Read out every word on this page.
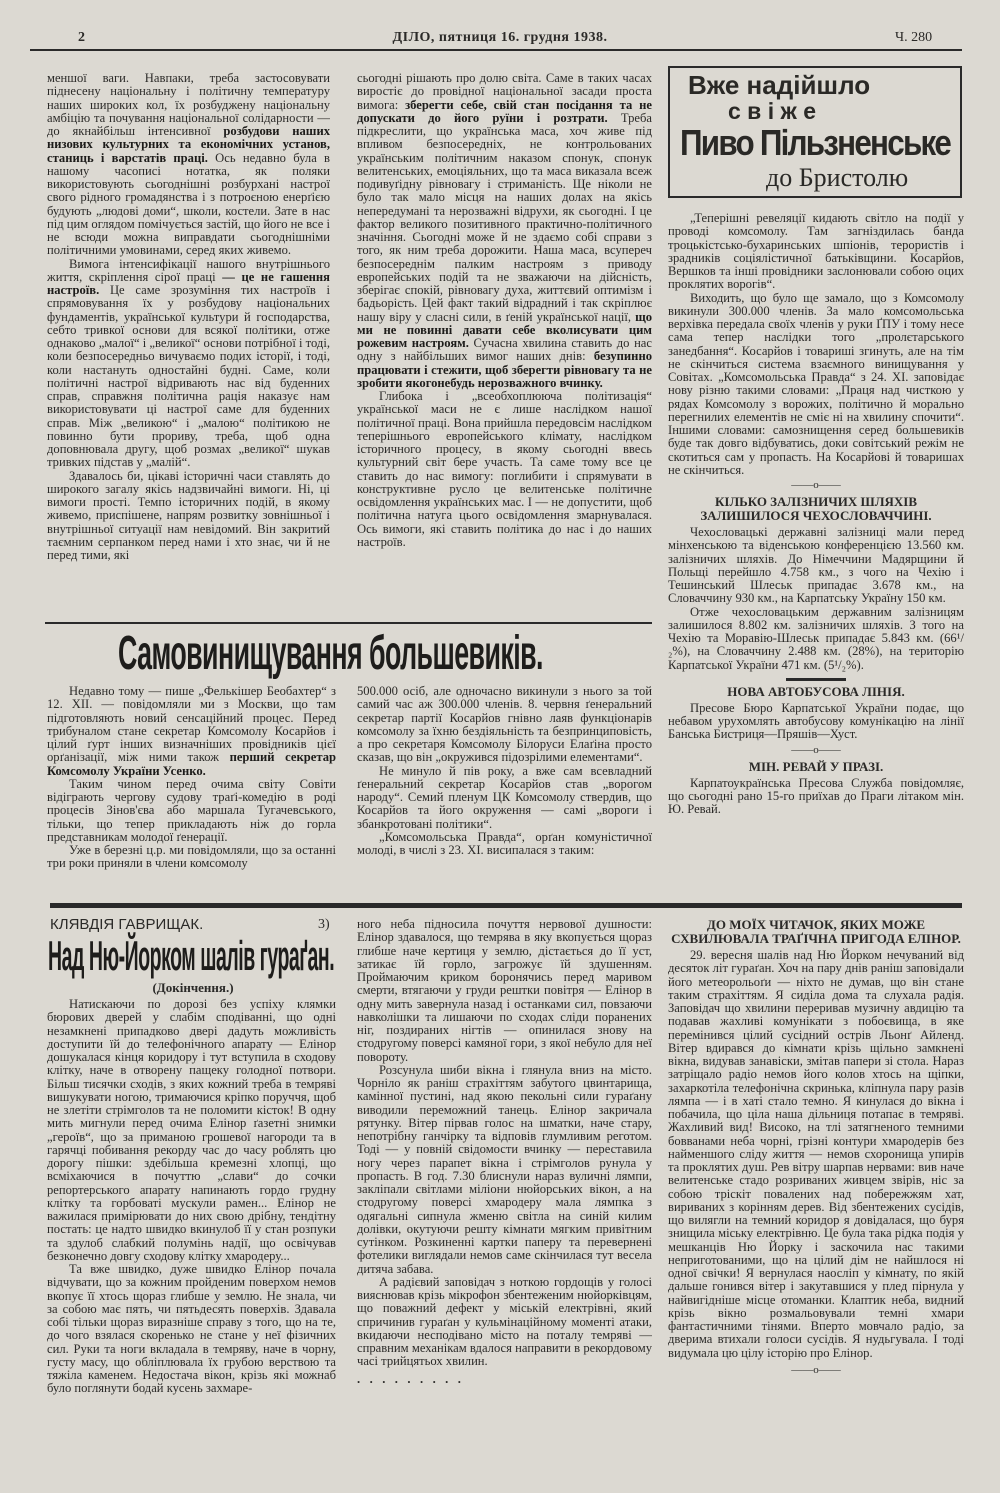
2	ДІЛО, пятниця 16. грудня 1938.	Ч. 280

меншої ваги. Навпаки, треба застосовувати піднесену національну і політичну температуру наших широких кол, їх розбуджену національну амбіцію та почування національної солідарности — до якнайбільш інтенсивної розбудови наших низових культурних та економічних установ, станиць і варстатів праці. Ось недавно була в нашому часописі нотатка, як поляки використовують сьогоднішні розбурхані настрої свого рідного громадянства і з потроєною енерґією будують „людові доми“, школи, костели. Зате в нас під цим оглядом помічується застій, що його не все і не всюди можна виправдати сьогоднішніми політичними умовинами, серед яких живемо.

Вимога інтенсифікації нашого внутрішнього життя, скріплення сірої праці — це не гашення настроїв. Це саме зрозуміння тих настроїв і спрямовування їх у розбудову національних фундаментів, української культури й господарства, себто тривкої основи для всякої політики, отже однаково „малої“ і „великої“ основи потрібної і тоді, коли безпосередньо вичуваємо подих історії, і тоді, коли настануть одностайні будні. Саме, коли політичні настрої відривають нас від буденних справ, справжня політична рація наказує нам використовувати ці настрої саме для буденних справ. Між „великою“ і „малою“ політикою не повинно бути прориву, треба, щоб одна доповнювала другу, щоб розмах „великої“ шукав тривких підстав у „малій“.

Здавалось би, цікаві історичні часи ставлять до широкого загалу якісь надзвичайні вимоги. Ні, ці вимоги прості. Темпо історичних подій, в якому живемо, приспішене, напрям розвитку зовнішньої і внутрішньої ситуації нам невідомий. Він закритий таємним серпанком перед нами і хто знає, чи й не перед тими, які

сьогодні рішають про долю світа. Саме в таких часах виростіє до провідної національної засади проста вимога: зберегти себе, свій стан посідання та не допускати до його руїни і розтрати. Треба підкреслити, що українська маса, хоч живе під впливом безпосередніх, не контрольованих українським політичним наказом спонук, спонук велитенських, емоціяльних, що та маса виказала всеж подивуґідну рівновагу і стриманість. Ще ніколи не було так мало місця на наших долах на якісь непередумані та нерозважні відрухи, як сьогодні. І це фактор великого позитивного практично-політичного значіння. Сьогодні може й не здаємо собі справи з того, як ним треба дорожити. Наша маса, всупереч безпосереднім палким настроям з приводу европейських подій та не зважаючи на дійсність, зберігає спокій, рівновагу духа, життєвий оптимізм і бадьорість. Цей факт такий відрадний і так скріплює нашу віру у сласні сили, в ґеній української нації, що ми не повинні давати себе вколисувати цим рожевим настроям. Сучасна хвилина ставить до нас одну з найбільших вимог наших днів: безупинно працювати і стежити, щоб зберегти рівновагу та не зробити якогонебудь нерозважного вчинку.

Глибока і „всеобхоплююча політизація“ української маси не є лише наслідком нашої політичної праці. Вона прийшла передовсім наслідком теперішнього европейського клімату, наслідком історичного процесу, в якому сьогодні ввесь культурний світ бере участь. Та саме тому все це ставить до нас вимогу: поглибити і спрямувати в конструктивне русло це велитенське політичне освідомлення українських мас. І — не допустити, щоб політична натуга цього освідомлення змарнувалася. Ось вимоги, які ставить політика до нас і до наших настроїв.

Вже надійшло
с в і ж е
Пиво Пільзненське
до Бристолю

„Теперішні ревеляції кидають світло на події у проводі комсомолу. Там загніздилась банда троцькістсько-бухаринських шпіонів, терористів і зрадників соціялістичної батьківщини. Косарйов, Вершков та інші провідники заслонювали собою оцих проклятих ворогів“.

Виходить, що було ще замало, що з Комсомолу викинули 300.000 членів. За мало комсомольська верхівка передала своїх членів у руки ҐПУ і тому несе сама тепер наслідки того „пролєтарського занедбання“. Косарйов і товариші згинуть, але на тім не скінчиться система взаємного винищування у Совітах. „Комсомольська Правда“ з 24. XI. заповідає нову різню такими словами: „Праця над чисткою у рядах Комсомолу з ворожих, політично й морально перегнилих елементів не сміє ні на хвилину спочити“. Іншими словами: самознищення серед большевиків буде так довго відбуватись, доки совітський режім не скотиться сам у пропасть. На Косарйові й товаришах не скінчиться.

——o——
КІЛЬКО ЗАЛІЗНИЧИХ ШЛЯХІВ ЗАЛИШИЛОСЯ ЧЕХОСЛОВАЧЧИНІ.

Чехословацькі державні залізниці мали перед мінхенською та віденською конференцією 13.560 км. залізничих шляхів. До Німеччини Мадярщини й Польщі перейшло 4.758 км., з чого на Чехію і Тешинський Шлеськ припадає 3.678 км., на Словаччину 930 км., на Карпатську Україну 150 км.

Отже чехословацьким державним залізницям залишилося 8.802 км. залізничих шляхів. З того на Чехію та Моравію-Шлеськ припадає 5.843 км. (66¹/₂%), на Словаччину 2.488 км. (28%), на територію Карпатської України 471 км. (5¹/₂%).

НОВА АВТОБУСОВА ЛІНІЯ.

Пресове Бюро Карпатської України подає, що небавом урухомлять автобусову комунікацію на лінії Банська Бистриця—Пряшів—Хуст.

——o——
МІН. РЕВАЙ У ПРАЗІ.

Карпатоукраїнська Пресова Служба повідомляє, що сьогодні рано 15-го приїхав до Праги літаком мін. Ю. Ревай.

Самовинищування большевиків.

Недавно тому — пише „Фелькішер Беобахтер“ з 12. XII. — повідомляли ми з Москви, що там підготовляють новий сенсаційний процес. Перед трибуналом стане секретар Комсомолу Косарйов і цілий ґурт інших визначніших провідників цієї орґанізації, між ними також перший секретар Комсомолу України Усенко.

Таким чином перед очима світу Совіти відіграють чергову судову траґі-комедію в роді процесів Зінов'єва або маршала Тугачевського, тільки, що тепер прикладають ніж до горла представникам молодої ґенерації.

Уже в березні ц.р. ми повідомляли, що за останні три роки приняли в члени комсомолу

500.000 осіб, але одночасно викинули з нього за той самий час аж 300.000 членів. 8. червня ґенеральний секретар партії Косарйов гнівно лаяв функціонарів комсомолу за їхню бездіяльність та безпринциповість, а про секретаря Комсомолу Білоруси Елаґіна просто сказав, що він „окружився підозрілими елементами“.

Не минуло й пів року, а вже сам всевладний ґенеральний секретар Косарйов став „ворогом народу“. Семий пленум ЦК Комсомолу ствердив, що Косарйов та його окруження — самі „вороги і збанкротовані політики“.

„Комсомольська Правда“, орґан комуністичної молоді, в числі з 23. XI. висипалася з таким:

КЛЯВДІЯ ГАВРИЩАК.	3)
Над Ню-Йорком шалів гураґан.
(Докінчення.)

Натискаючи по дорозі без успіху клямки бюрових дверей у слабім сподіванні, що одні незамкнені припадково двері дадуть можливість доступити їй до телефонічного апарату — Елінор дошукалася кінця коридору і тут вступила в сходову клітку, наче в отворену пащеку голодної потвори. Більш тисячки сходів, з яких кожний треба в темряві вишукувати ногою, тримаючися кріпко поруччя, щоб не злетіти стрімголов та не поломити кісток! В одну мить мигнули перед очима Елінор ґазетні знимки „героїв“, що за приманою грошевої нагороди та в гарячці побивання рекорду час до часу роблять цю дорогу пішки: здебільша кремезні хлопці, що всміхаючися в почуттю „слави“ до сочки репортерського апарату напинають гордо грудну клітку та горбоваті мускули рамен... Елінор не важилася примірювати до них свою дрібну, тендітну постать: це надто швидко вкинулоб її у стан розпуки та здулоб слабкий полумінь надії, що освічував безконечно довгу сходову клітку хмародеру...

Та вже швидко, дуже швидко Елінор почала відчувати, що за кожним пройденим поверхом немов вкопує її хтось щораз глибше у землю. Не знала, чи за собою має пять, чи пятьдесять поверхів. Здавала собі тільки щораз виразніше справу з того, що на те, до чого взялася скоренько не стане у неї фізичних сил. Руки та ноги вкладала в темряву, наче в чорну, густу масу, що обліплювала їх грубою верствою та тяжіла каменем. Недостача вікон, крізь які можнаб було поглянути бодай кусень захмаре-

ного неба підносила почуття нервової душности: Елінор здавалося, що темрява в яку вкопується щораз глибше наче кертиця у землю, дістається до її уст, затикає їй горло, загрожує їй здушенням. Проймаючим криком боронячись перед маривом смерти, втягаючи у груди рештки повітря — Елінор в одну мить завернула назад і останками сил, повзаючи навколішки та лишаючи по сходах сліди поранених ніг, поздираних нігтів — опинилася знову на стодругому поверсі камяної гори, з якої небуло для неї повороту.

Розсунула шиби вікна і глянула вниз на місто. Чорніло як раніш страхіттям забутого цвинтарища, камінної пустині, над якою пекольні сили гураґану виводили переможний танець. Елінор закричала рятунку. Вітер пірвав голос на шматки, наче стару, непотрібну ганчірку та відповів глумливим реготом. Тоді — у повній свідомости вчинку — переставила ногу через парапет вікна і стрімголов рунула у пропасть. В год. 7.30 блиснули нараз вуличні лямпи, закліпали світлами міліони нюйорських вікон, а на стодругому поверсі хмародеру мала лямпка з одягальні сипнула жменю світла на синій килим долівки, окутуючи решту кімнати мягким привітним сутінком. Розкиненні картки паперу та перевернені фотелики виглядали немов саме скінчилася тут весела дитяча забава.

А радієвий заповідач з ноткою гордощів у голосі вияснював крізь мікрофон збентеженим нюйорківцям, що поважний дефект у міській електрівні, який спричинив гураґан у кульмінаційному моменті атаки, вкидаючи несподівано місто на поталу темряві — справним механікам вдалося направити в рекордовому часі трийцятьох хвилин.

.   .   .   .   .   .   .   .   .
ДО МОЇХ ЧИТАЧОК, ЯКИХ МОЖЕ СХВИЛЮВАЛА ТРАҐІЧНА ПРИГОДА ЕЛІНОР.

29. вересня шалів над Ню Йорком нечуваний від десяток літ гураґан. Хоч на пару днів раніш заповідали його метеорольоґи — ніхто не думав, що він стане таким страхіттям. Я сиділа дома та слухала радія. Заповідач що хвилини переривав музичну авдицію та подавав жахливі комунікати з побоєвища, в яке перемінився цілий сусідний острів Льонґ Айленд. Вітер вдирався до кімнати крізь щільно замкнені вікна, видував занавіски, змітав папери зі стола. Нараз затріщало радіо немов його колов хтось на щіпки, захаркотіла телефонічна скринька, кліпнула пару разів лямпа — і в хаті стало темно. Я кинулася до вікна і побачила, що ціла наша дільниця потапає в темряві. Жахливий вид! Високо, на тлі затягненого темними бовванами неба чорні, грізні контури хмародерів без найменшого сліду життя — немов схоронища упирів та проклятих душ. Рев вітру шарпав нервами: вив наче велитенське стадо розриваних живцем звірів, ніс за собою тріскіт повалених над побережжям хат, вириваних з корінням дерев. Від збентежених сусідів, що вилягли на темний коридор я довідалася, що буря знищила міську електрівню. Це була така рідка подія у мешканців Ню Йорку і заскочила нас такими неприготованими, що на цілий дім не найшлося ні одної свічки! Я вернулася наосліп у кімнату, по якій дальше гонився вітер і закутавшися у плед пірнула у найвигідніше місце отоманки. Клаптик неба, видний крізь вікно розмальовували темні хмари фантастичними тінями. Вперто мовчало радіо, за дверима втихали голоси сусідів. Я нудьгувала. І тоді видумала цю цілу історію про Елінор.

——o——
